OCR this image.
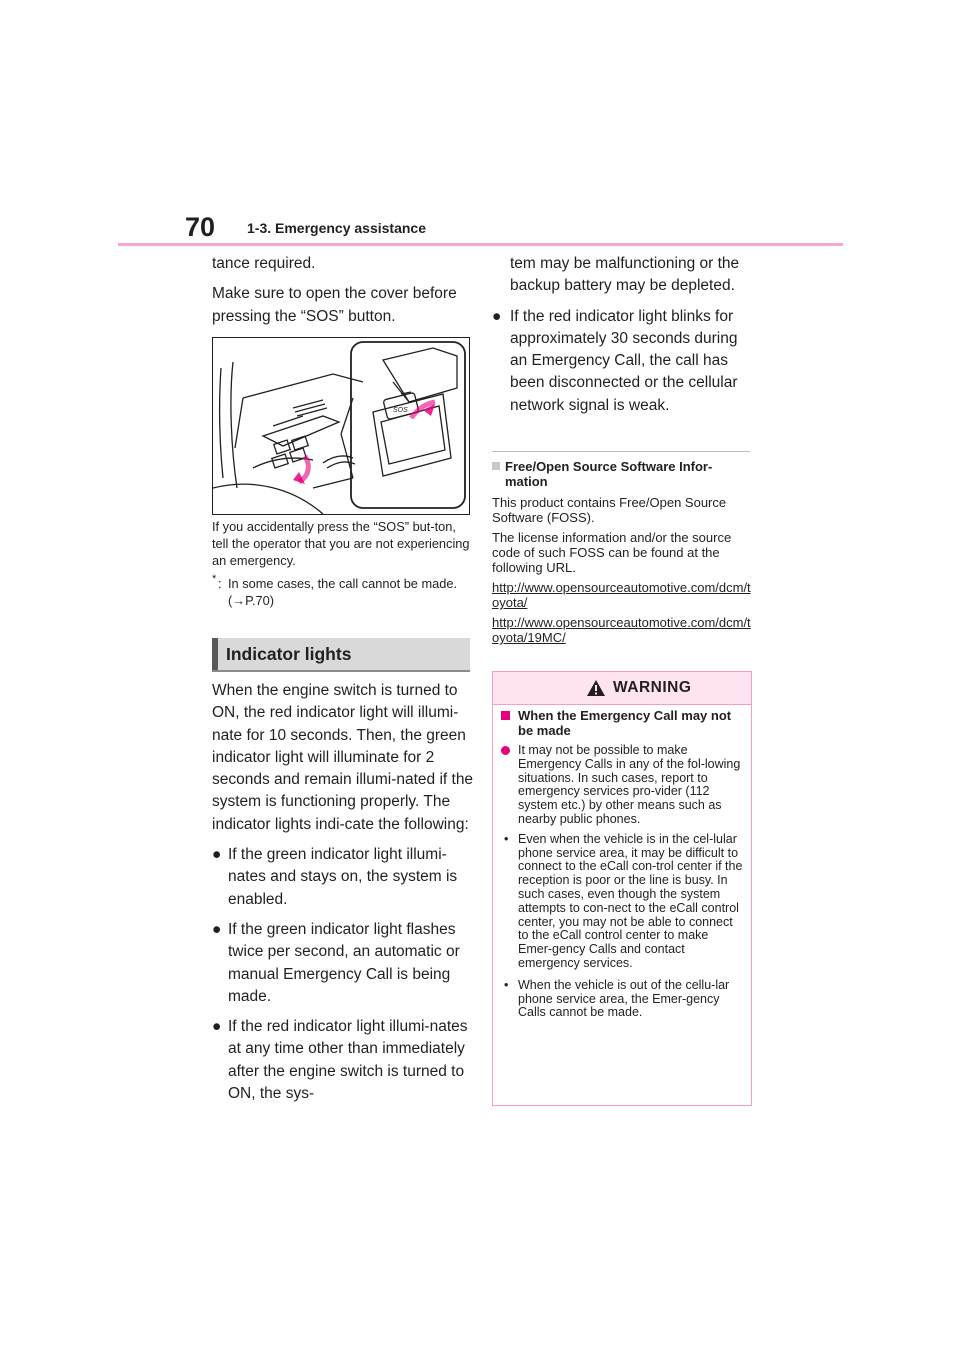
70 1-3. Emergency assistance

tance required.

Make sure to open the cover before pressing the “SOS” button.

SOS

If you accidentally press the “SOS” but-ton, tell the operator that you are not experiencing an emergency.

* : In some cases, the call cannot be made. (→P.70)
Indicator lights

When the engine switch is turned to ON, the red indicator light will illumi-nate for 10 seconds. Then, the green indicator light will illuminate for 2 seconds and remain illumi-nated if the system is functioning properly. The indicator lights indi-cate the following:

● If the green indicator light illumi-nates and stays on, the system is enabled.
● If the green indicator light flashes twice per second, an automatic or manual Emergency Call is being made.
● If the red indicator light illumi-nates at any time other than immediately after the engine switch is turned to ON, the sys-
tem may be malfunctioning or the backup battery may be depleted.
● If the red indicator light blinks for approximately 30 seconds during an Emergency Call, the call has been disconnected or the cellular network signal is weak.
Free/Open Source Software Infor-mation

This product contains Free/Open Source Software (FOSS).

The license information and/or the source code of such FOSS can be found at the following URL.

http://www.opensourceautomotive.com/dcm/toyota/
http://www.opensourceautomotive.com/dcm/toyota/19MC/
WARNING
When the Emergency Call may not be made
It may not be possible to make Emergency Calls in any of the fol-lowing situations. In such cases, report to emergency services pro-vider (112 system etc.) by other means such as nearby public phones.
• Even when the vehicle is in the cel-lular phone service area, it may be difficult to connect to the eCall con-trol center if the reception is poor or the line is busy. In such cases, even though the system attempts to con-nect to the eCall control center, you may not be able to connect to the eCall control center to make Emer-gency Calls and contact emergency services.
• When the vehicle is out of the cellu-lar phone service area, the Emer-gency Calls cannot be made.
